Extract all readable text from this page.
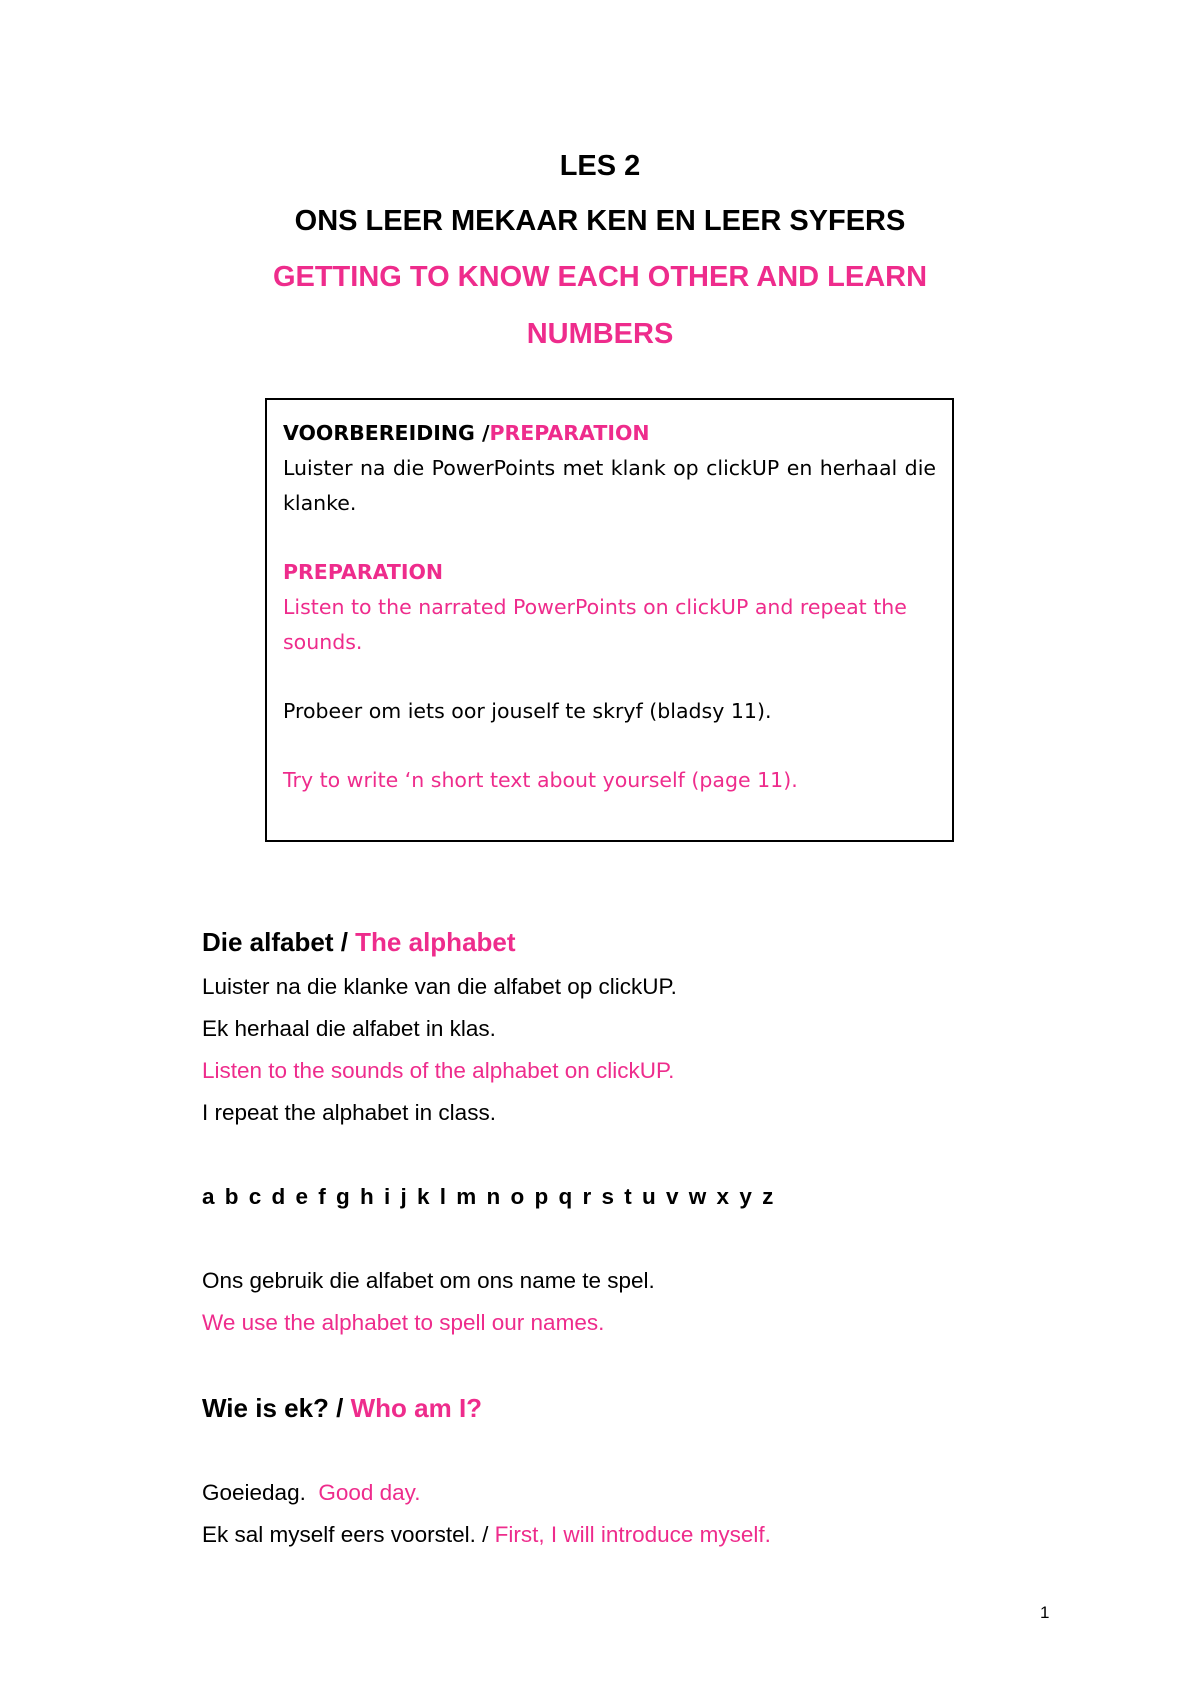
LES 2
ONS LEER MEKAAR KEN EN LEER SYFERS
GETTING TO KNOW EACH OTHER AND LEARN
NUMBERS

VOORBEREIDING /PREPARATION

Luister na die PowerPoints met klank op clickUP en herhaal die klanke.

PREPARATION

Listen to the narrated PowerPoints on clickUP and repeat the sounds.

Probeer om iets oor jouself te skryf (bladsy 11).

Try to write ‘n short text about yourself (page 11).

Die alfabet / The alphabet

Luister na die klanke van die alfabet op clickUP.

Ek herhaal die alfabet in klas.

Listen to the sounds of the alphabet on clickUP.

I repeat the alphabet in class.

a b c d e f g h i j k l m n o p q r s t u v w x y z

Ons gebruik die alfabet om ons name te spel.

We use the alphabet to spell our names.

Wie is ek? / Who am I?

Goeiedag. Good day.

Ek sal myself eers voorstel. / First, I will introduce myself.

1
